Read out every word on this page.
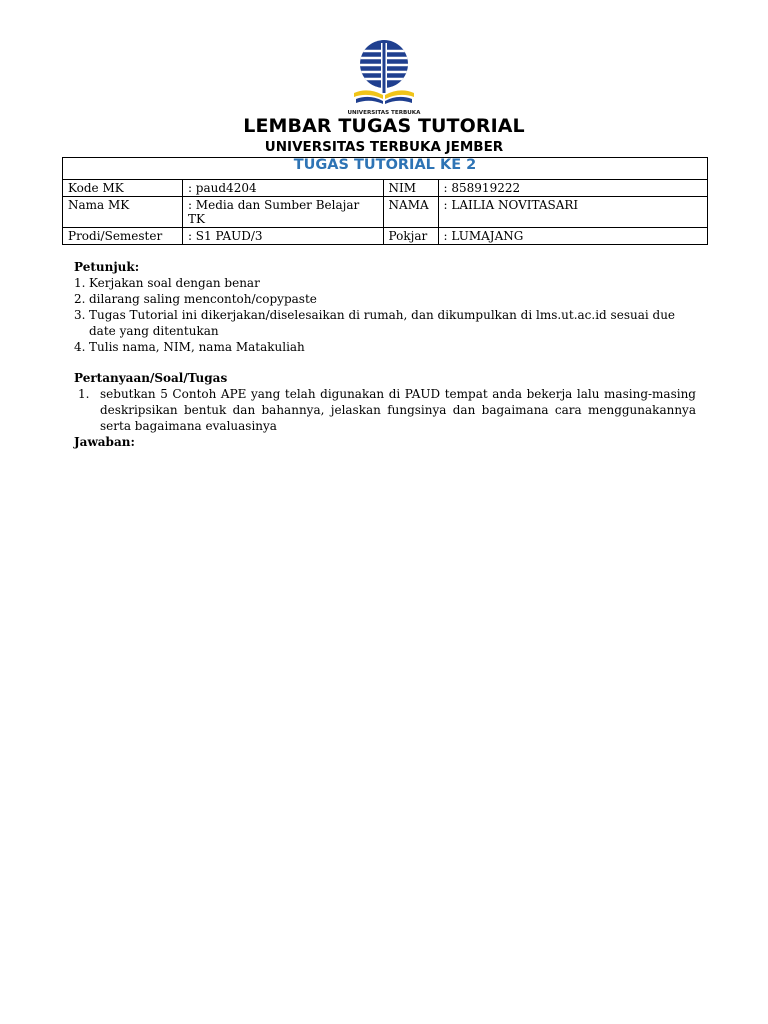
UNIVERSITAS TERBUKA
LEMBAR TUGAS TUTORIAL
UNIVERSITAS TERBUKA JEMBER
TUGAS TUTORIAL KE 2			
Kode MK	: paud4204	NIM	: 858919222
Nama MK	: Media dan Sumber Belajar TK	NAMA	: LAILIA NOVITASARI
Prodi/Semester	: S1 PAUD/3	Pokjar	: LUMAJANG
Petunjuk:
1. Kerjakan soal dengan benar
2. dilarang saling mencontoh/copypaste
3. Tugas Tutorial ini dikerjakan/diselesaikan di rumah, dan dikumpulkan di lms.ut.ac.id sesuai due date yang ditentukan
4. Tulis nama, NIM, nama Matakuliah
Pertanyaan/Soal/Tugas
1. sebutkan 5 Contoh APE yang telah digunakan di PAUD tempat anda bekerja lalu masing-masing deskripsikan bentuk dan bahannya, jelaskan fungsinya dan bagaimana cara menggunakannya serta bagaimana evaluasinya
Jawaban:
